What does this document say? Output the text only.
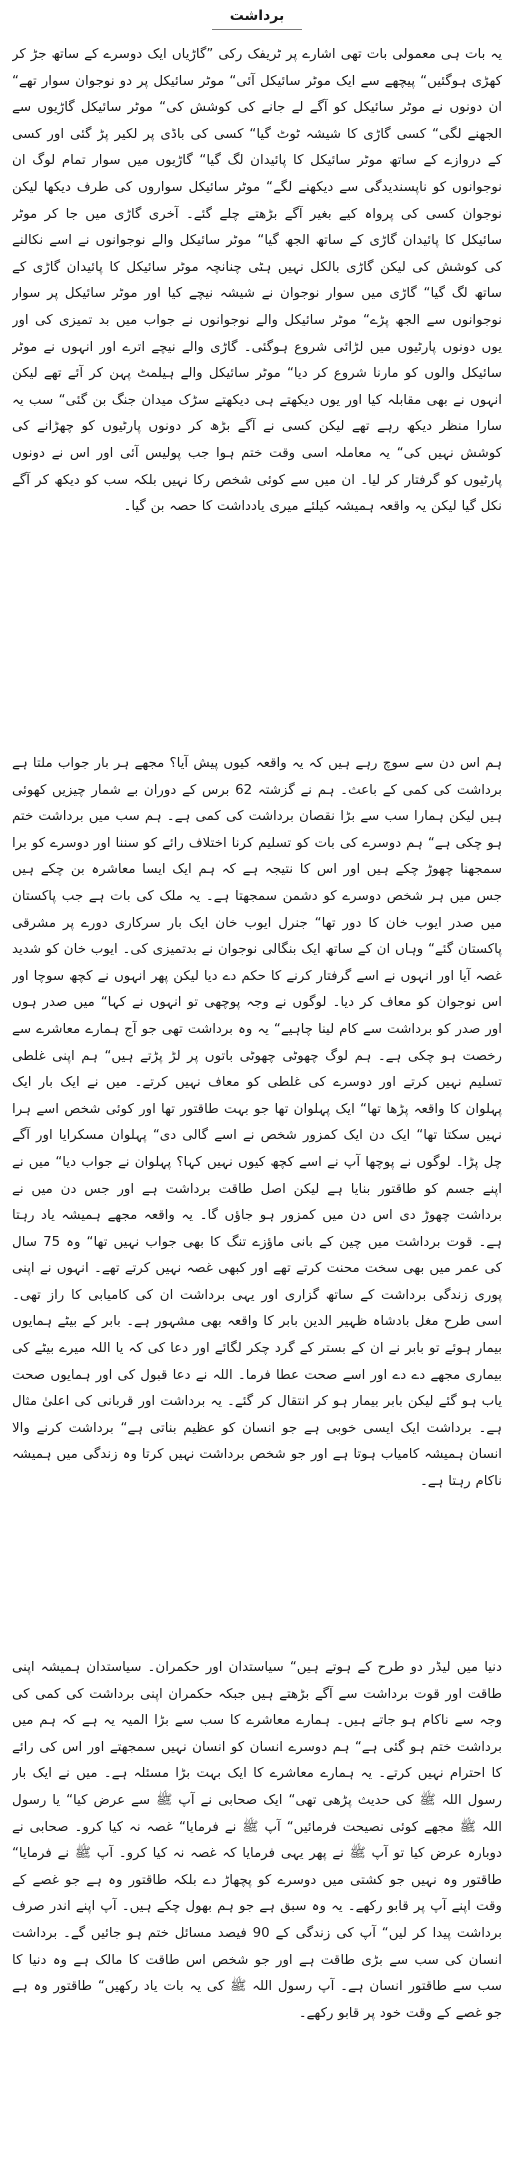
برداشت

یہ بات ہی معمولی بات تھی اشارے پر ٹریفک رکی ”گاڑیاں ایک دوسرے کے ساتھ جڑ کر کھڑی ہوگئیں“ پیچھے سے ایک موٹر سائیکل آئی“ موٹر سائیکل پر دو نوجوان سوار تھے“ ان دونوں نے موٹر سائیکل کو آگے لے جانے کی کوشش کی“ موٹر سائیکل گاڑیوں سے الجھنے لگی“ کسی گاڑی کا شیشہ ٹوٹ گیا“ کسی کی باڈی پر لکیر پڑ گئی اور کسی کے دروازے کے ساتھ موٹر سائیکل کا پائیدان لگ گیا“ گاڑیوں میں سوار تمام لوگ ان نوجوانوں کو ناپسندیدگی سے دیکھنے لگے“ موٹر سائیکل سواروں کی طرف دیکھا لیکن نوجوان کسی کی پرواہ کیے بغیر آگے بڑھتے چلے گئے۔ آخری گاڑی میں جا کر موٹر سائیکل کا پائیدان گاڑی کے ساتھ الجھ گیا“ موٹر سائیکل والے نوجوانوں نے اسے نکالنے کی کوشش کی لیکن گاڑی بالکل نہیں ہٹی چنانچہ موٹر سائیکل کا پائیدان گاڑی کے ساتھ لگ گیا“ گاڑی میں سوار نوجوان نے شیشہ نیچے کیا اور موٹر سائیکل پر سوار نوجوانوں سے الجھ پڑے“ موٹر سائیکل والے نوجوانوں نے جواب میں بد تمیزی کی اور یوں دونوں پارٹیوں میں لڑائی شروع ہوگئی۔ گاڑی والے نیچے اترے اور انہوں نے موٹر سائیکل والوں کو مارنا شروع کر دیا“ موٹر سائیکل والے ہیلمٹ پہن کر آئے تھے لیکن انہوں نے بھی مقابلہ کیا اور یوں دیکھتے ہی دیکھتے سڑک میدان جنگ بن گئی“ سب یہ سارا منظر دیکھ رہے تھے لیکن کسی نے آگے بڑھ کر دونوں پارٹیوں کو چھڑانے کی کوشش نہیں کی“ یہ معاملہ اسی وقت ختم ہوا جب پولیس آئی اور اس نے دونوں پارٹیوں کو گرفتار کر لیا۔ ان میں سے کوئی شخص رکا نہیں بلکہ سب کو دیکھ کر آگے نکل گیا لیکن یہ واقعہ ہمیشہ کیلئے میری یادداشت کا حصہ بن گیا۔

ہم اس دن سے سوچ رہے ہیں کہ یہ واقعہ کیوں پیش آیا؟ مجھے ہر بار جواب ملتا ہے برداشت کی کمی کے باعث۔ ہم نے گزشتہ 62 برس کے دوران بے شمار چیزیں کھوئی ہیں لیکن ہمارا سب سے بڑا نقصان برداشت کی کمی ہے۔ ہم سب میں برداشت ختم ہو چکی ہے“ ہم دوسرے کی بات کو تسلیم کرنا اختلاف رائے کو سننا اور دوسرے کو برا سمجھنا چھوڑ چکے ہیں اور اس کا نتیجہ ہے کہ ہم ایک ایسا معاشرہ بن چکے ہیں جس میں ہر شخص دوسرے کو دشمن سمجھتا ہے۔ یہ ملک کی بات ہے جب پاکستان میں صدر ایوب خان کا دور تھا“ جنرل ایوب خان ایک بار سرکاری دورے پر مشرقی پاکستان گئے“ وہاں ان کے ساتھ ایک بنگالی نوجوان نے بدتمیزی کی۔ ایوب خان کو شدید غصہ آیا اور انہوں نے اسے گرفتار کرنے کا حکم دے دیا لیکن پھر انہوں نے کچھ سوچا اور اس نوجوان کو معاف کر دیا۔ لوگوں نے وجہ پوچھی تو انہوں نے کہا“ میں صدر ہوں اور صدر کو برداشت سے کام لینا چاہیے“ یہ وہ برداشت تھی جو آج ہمارے معاشرے سے رخصت ہو چکی ہے۔ ہم لوگ چھوٹی چھوٹی باتوں پر لڑ پڑتے ہیں“ ہم اپنی غلطی تسلیم نہیں کرتے اور دوسرے کی غلطی کو معاف نہیں کرتے۔ میں نے ایک بار ایک پہلوان کا واقعہ پڑھا تھا“ ایک پہلوان تھا جو بہت طاقتور تھا اور کوئی شخص اسے ہرا نہیں سکتا تھا“ ایک دن ایک کمزور شخص نے اسے گالی دی“ پہلوان مسکرایا اور آگے چل پڑا۔ لوگوں نے پوچھا آپ نے اسے کچھ کیوں نہیں کہا؟ پہلوان نے جواب دیا“ میں نے اپنے جسم کو طاقتور بنایا ہے لیکن اصل طاقت برداشت ہے اور جس دن میں نے برداشت چھوڑ دی اس دن میں کمزور ہو جاؤں گا۔ یہ واقعہ مجھے ہمیشہ یاد رہتا ہے۔ قوت برداشت میں چین کے بانی ماؤزے تنگ کا بھی جواب نہیں تھا“ وہ 75 سال کی عمر میں بھی سخت محنت کرتے تھے اور کبھی غصہ نہیں کرتے تھے۔ انہوں نے اپنی پوری زندگی برداشت کے ساتھ گزاری اور یہی برداشت ان کی کامیابی کا راز تھی۔ اسی طرح مغل بادشاہ ظہیر الدین بابر کا واقعہ بھی مشہور ہے۔ بابر کے بیٹے ہمایوں بیمار ہوئے تو بابر نے ان کے بستر کے گرد چکر لگائے اور دعا کی کہ یا اللہ میرے بیٹے کی بیماری مجھے دے دے اور اسے صحت عطا فرما۔ اللہ نے دعا قبول کی اور ہمایوں صحت یاب ہو گئے لیکن بابر بیمار ہو کر انتقال کر گئے۔ یہ برداشت اور قربانی کی اعلیٰ مثال ہے۔ برداشت ایک ایسی خوبی ہے جو انسان کو عظیم بناتی ہے“ برداشت کرنے والا انسان ہمیشہ کامیاب ہوتا ہے اور جو شخص برداشت نہیں کرتا وہ زندگی میں ہمیشہ ناکام رہتا ہے۔

دنیا میں لیڈر دو طرح کے ہوتے ہیں“ سیاستدان اور حکمران۔ سیاستدان ہمیشہ اپنی طاقت اور قوت برداشت سے آگے بڑھتے ہیں جبکہ حکمران اپنی برداشت کی کمی کی وجہ سے ناکام ہو جاتے ہیں۔ ہمارے معاشرے کا سب سے بڑا المیہ یہ ہے کہ ہم میں برداشت ختم ہو گئی ہے“ ہم دوسرے انسان کو انسان نہیں سمجھتے اور اس کی رائے کا احترام نہیں کرتے۔ یہ ہمارے معاشرے کا ایک بہت بڑا مسئلہ ہے۔ میں نے ایک بار رسول اللہ ﷺ کی حدیث پڑھی تھی“ ایک صحابی نے آپ ﷺ سے عرض کیا“ یا رسول اللہ ﷺ مجھے کوئی نصیحت فرمائیں“ آپ ﷺ نے فرمایا“ غصہ نہ کیا کرو۔ صحابی نے دوبارہ عرض کیا تو آپ ﷺ نے پھر یہی فرمایا کہ غصہ نہ کیا کرو۔ آپ ﷺ نے فرمایا“ طاقتور وہ نہیں جو کشتی میں دوسرے کو پچھاڑ دے بلکہ طاقتور وہ ہے جو غصے کے وقت اپنے آپ پر قابو رکھے۔ یہ وہ سبق ہے جو ہم بھول چکے ہیں۔ آپ اپنے اندر صرف برداشت پیدا کر لیں“ آپ کی زندگی کے 90 فیصد مسائل ختم ہو جائیں گے۔ برداشت انسان کی سب سے بڑی طاقت ہے اور جو شخص اس طاقت کا مالک ہے وہ دنیا کا سب سے طاقتور انسان ہے۔ آپ رسول اللہ ﷺ کی یہ بات یاد رکھیں“ طاقتور وہ ہے جو غصے کے وقت خود پر قابو رکھے۔
